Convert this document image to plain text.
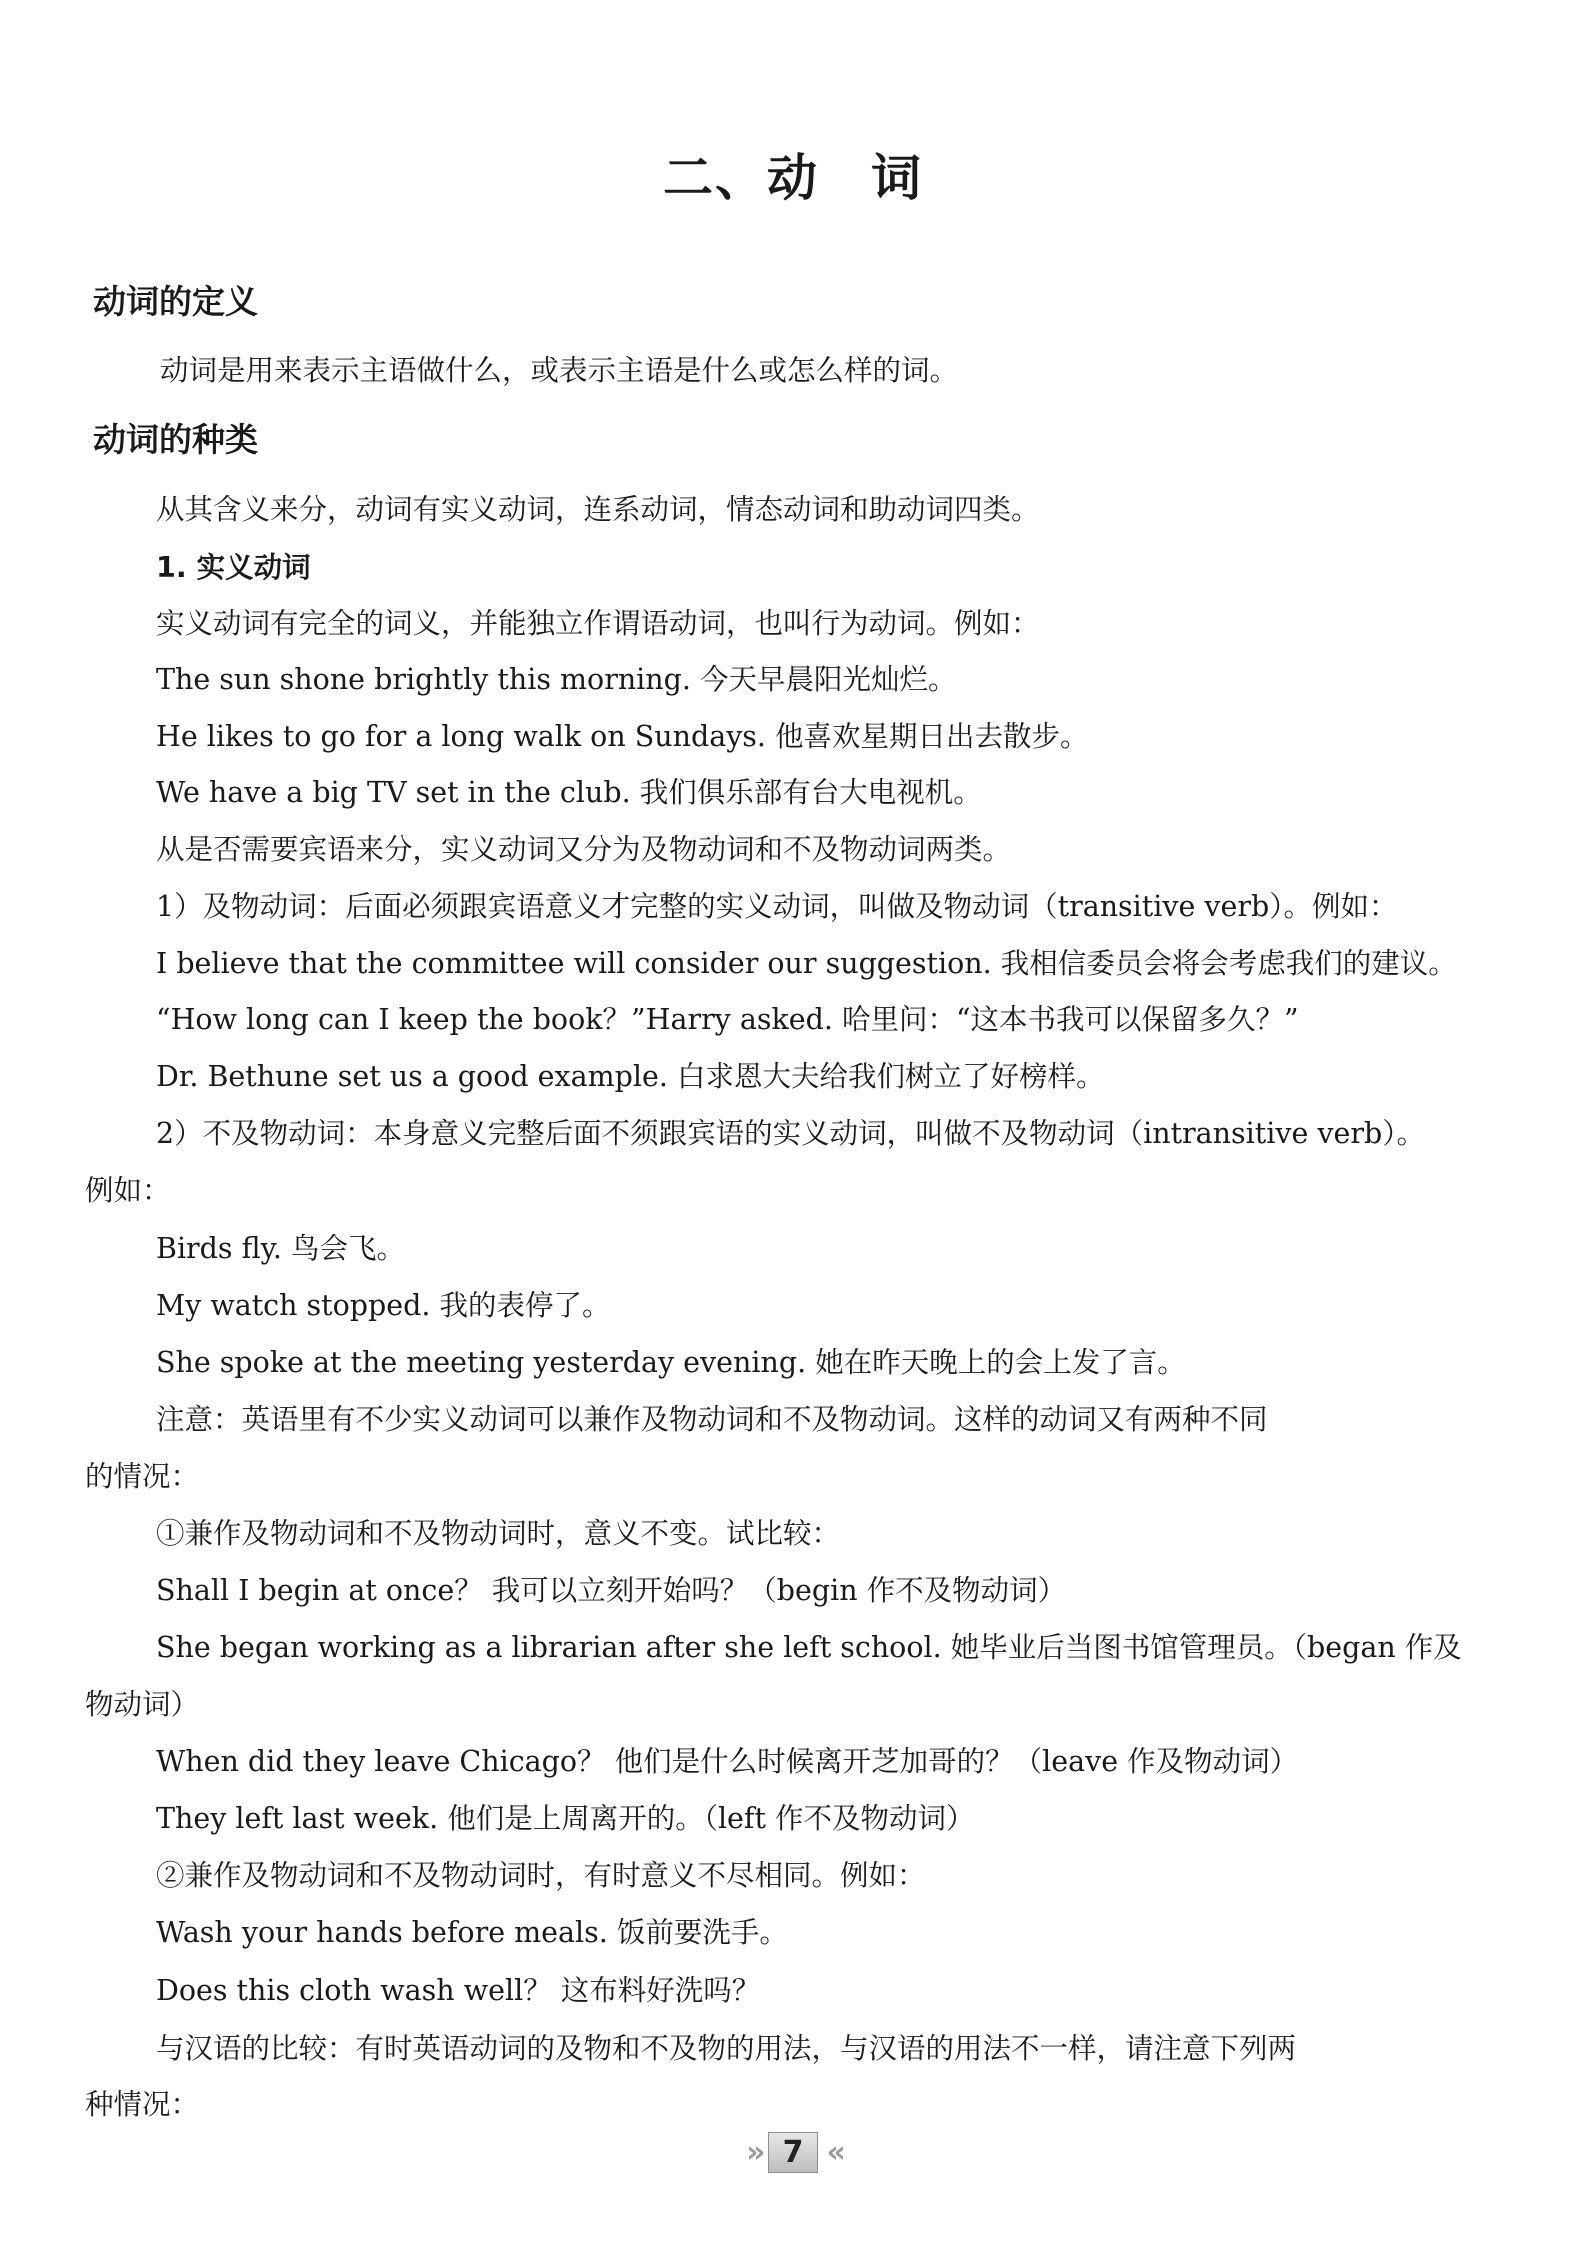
二、动　词
动词的定义
动词是用来表示主语做什么，或表示主语是什么或怎么样的词。
动词的种类
从其含义来分，动词有实义动词，连系动词，情态动词和助动词四类。
1. 实义动词
实义动词有完全的词义，并能独立作谓语动词，也叫行为动词。例如：
The sun shone brightly this morning. 今天早晨阳光灿烂。
He likes to go for a long walk on Sundays. 他喜欢星期日出去散步。
We have a big TV set in the club. 我们俱乐部有台大电视机。
从是否需要宾语来分，实义动词又分为及物动词和不及物动词两类。
1）及物动词：后面必须跟宾语意义才完整的实义动词，叫做及物动词（transitive verb）。例如：
I believe that the committee will consider our suggestion. 我相信委员会将会考虑我们的建议。
“How long can I keep the book？”Harry asked. 哈里问：“这本书我可以保留多久？”
Dr. Bethune set us a good example. 白求恩大夫给我们树立了好榜样。
2）不及物动词：本身意义完整后面不须跟宾语的实义动词，叫做不及物动词（intransitive verb）。
例如：
Birds fly. 鸟会飞。
My watch stopped. 我的表停了。
She spoke at the meeting yesterday evening. 她在昨天晚上的会上发了言。
注意：英语里有不少实义动词可以兼作及物动词和不及物动词。这样的动词又有两种不同
的情况：
①兼作及物动词和不及物动词时，意义不变。试比较：
Shall I begin at once？ 我可以立刻开始吗？（begin 作不及物动词）
She began working as a librarian after she left school. 她毕业后当图书馆管理员。（began 作及
物动词）
When did they leave Chicago？ 他们是什么时候离开芝加哥的？（leave 作及物动词）
They left last week. 他们是上周离开的。（left 作不及物动词）
②兼作及物动词和不及物动词时，有时意义不尽相同。例如：
Wash your hands before meals. 饭前要洗手。
Does this cloth wash well？ 这布料好洗吗？
与汉语的比较：有时英语动词的及物和不及物的用法，与汉语的用法不一样，请注意下列两
种情况：
» 7 «
